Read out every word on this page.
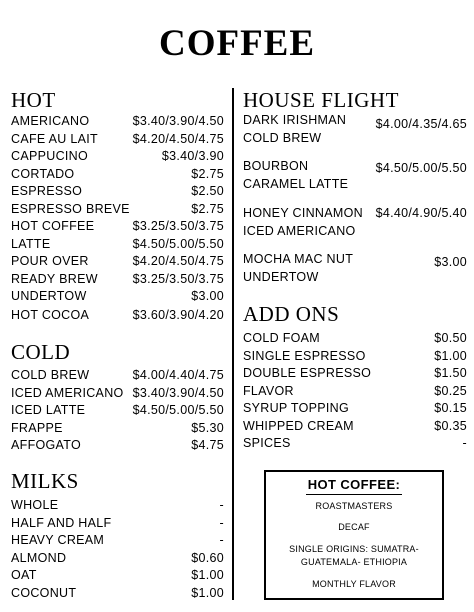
COFFEE
HOT
AMERICANO	$3.40/3.90/4.50
CAFE AU LAIT	$4.20/4.50/4.75
CAPPUCINO	$3.40/3.90
CORTADO	$2.75
ESPRESSO	$2.50
ESPRESSO BREVE	$2.75
HOT COFFEE	$3.25/3.50/3.75
LATTE	$4.50/5.00/5.50
POUR OVER	$4.20/4.50/4.75
READY BREW	$3.25/3.50/3.75
UNDERTOW	$3.00
HOT COCOA	$3.60/3.90/4.20
COLD
COLD BREW	$4.00/4.40/4.75
ICED AMERICANO $3.40/3.90/4.50
ICED LATTE	$4.50/5.00/5.50
FRAPPE	$5.30
AFFOGATO	$4.75
MILKS
WHOLE	-
HALF AND HALF	-
HEAVY CREAM	-
ALMOND	$0.60
OAT	$1.00
COCONUT	$1.00
HOUSE FLIGHT
DARK IRISHMAN
COLD BREW
$4.00/4.35/4.65
BOURBON
CARAMEL LATTE
$4.50/5.00/5.50
HONEY CINNAMON
ICED AMERICANO
$4.40/4.90/5.40
MOCHA MAC NUT
UNDERTOW
$3.00
ADD ONS
COLD FOAM	$0.50
SINGLE ESPRESSO	$1.00
DOUBLE ESPRESSO	$1.50
FLAVOR	$0.25
SYRUP TOPPING	$0.15
WHIPPED CREAM	$0.35
SPICES	-
HOT COFFEE:
ROASTMASTERS
DECAF
SINGLE ORIGINS: SUMATRA-
GUATEMALA- ETHIOPIA
MONTHLY FLAVOR
